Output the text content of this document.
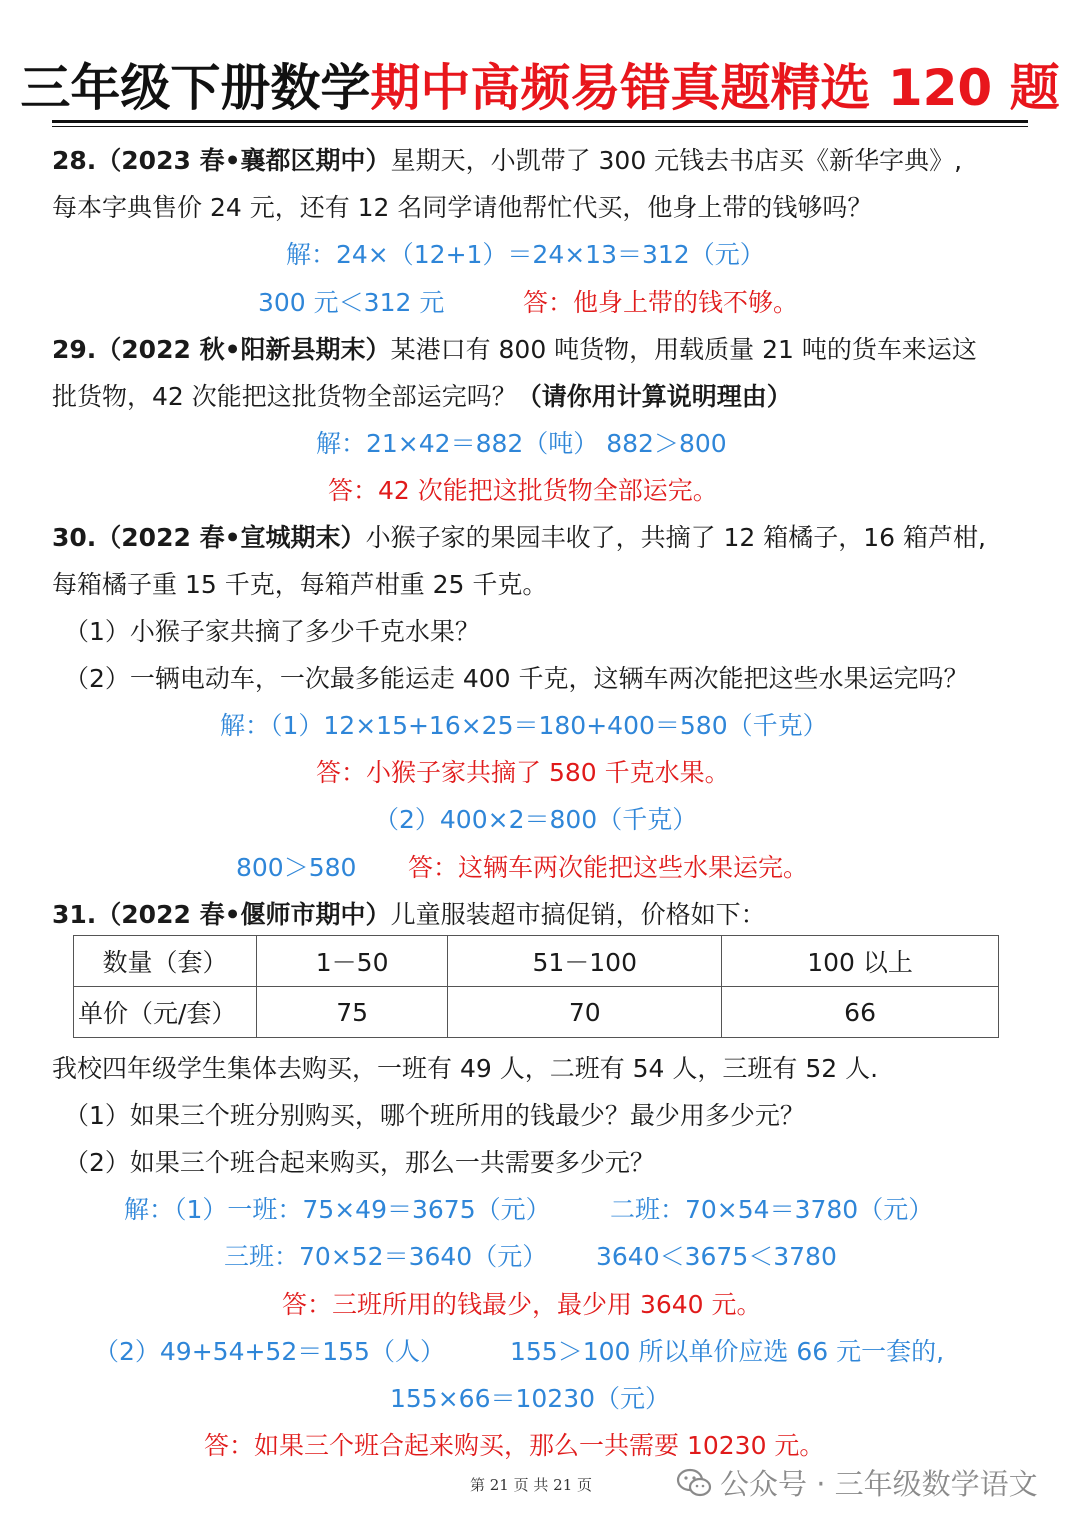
三年级下册数学期中高频易错真题精选 120 题
28.（2023 春•襄都区期中）星期天，小凯带了 300 元钱去书店买《新华字典》,
每本字典售价 24 元，还有 12 名同学请他帮忙代买，他身上带的钱够吗？
解：24×（12+1）＝24×13＝312（元）
300 元＜312 元	答：他身上带的钱不够。
29.（2022 秋•阳新县期末）某港口有 800 吨货物，用载质量 21 吨的货车来运这
批货物，42 次能把这批货物全部运完吗？（请你用计算说明理由）
解：21×42＝882（吨） 882＞800
答：42 次能把这批货物全部运完。
30.（2022 春•宣城期末）小猴子家的果园丰收了，共摘了 12 箱橘子，16 箱芦柑,
每箱橘子重 15 千克，每箱芦柑重 25 千克。
（1）小猴子家共摘了多少千克水果？
（2）一辆电动车，一次最多能运走 400 千克，这辆车两次能把这些水果运完吗？
解：（1）12×15+16×25＝180+400＝580（千克）
答：小猴子家共摘了 580 千克水果。
（2）400×2＝800（千克）
800＞580 答：这辆车两次能把这些水果运完。
31.（2022 春•偃师市期中）儿童服装超市搞促销，价格如下：
数量（套）	1－50	51－100	100 以上
单价（元/套）	75	70	66
我校四年级学生集体去购买，一班有 49 人，二班有 54 人，三班有 52 人.
（1）如果三个班分别购买，哪个班所用的钱最少？最少用多少元？
（2）如果三个班合起来购买，那么一共需要多少元？
解：（1）一班：75×49＝3675（元） 二班：70×54＝3780（元）
三班：70×52＝3640（元） 3640＜3675＜3780
答：三班所用的钱最少，最少用 3640 元。
（2）49+54+52＝155（人）	155＞100 所以单价应选 66 元一套的,
155×66＝10230（元）
答：如果三个班合起来购买，那么一共需要 10230 元。
第 21 页 共 21 页	公众号 · 三年级数学语文
